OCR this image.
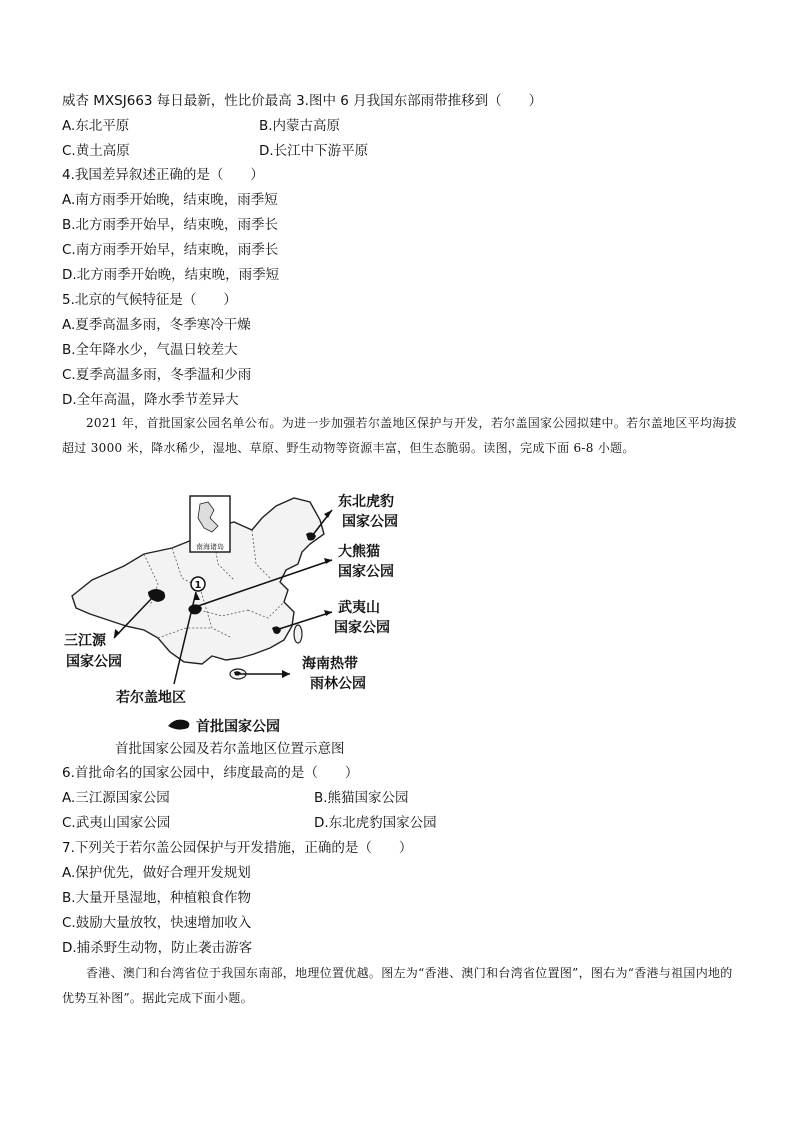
威杏 MXSJ663 每日最新，性比价最高 3.图中 6 月我国东部雨带推移到（　　）
A.东北平原	B.内蒙古高原
C.黄土高原	D.长江中下游平原
4.我国差异叙述正确的是（　　）
A.南方雨季开始晚，结束晚，雨季短
B.北方雨季开始早，结束晚，雨季长
C.南方雨季开始早，结束晚，雨季长
D.北方雨季开始晚，结束晚，雨季短
5.北京的气候特征是（　　）
A.夏季高温多雨，冬季寒冷干燥
B.全年降水少，气温日较差大
C.夏季高温多雨，冬季温和少雨
D.全年高温，降水季节差异大
2021 年，首批国家公园名单公布。为进一步加强若尔盖地区保护与开发，若尔盖国家公园拟建中。若尔盖地区平均海拔超过 3000 米，降水稀少，湿地、草原、野生动物等资源丰富，但生态脆弱。读图，完成下面 6-8 小题。
南海诸岛
1
东北虎豹
国家公园
大熊猫
国家公园
武夷山
国家公园
三江源
国家公园	海南热带
雨林公园
若尔盖地区
首批国家公园
首批国家公园及若尔盖地区位置示意图
6.首批命名的国家公园中，纬度最高的是（　　）
A.三江源国家公园	B.熊猫国家公园
C.武夷山国家公园	D.东北虎豹国家公园
7.下列关于若尔盖公园保护与开发措施，正确的是（　　）
A.保护优先，做好合理开发规划
B.大量开垦湿地，种植粮食作物
C.鼓励大量放牧，快速增加收入
D.捕杀野生动物，防止袭击游客
香港、澳门和台湾省位于我国东南部，地理位置优越。图左为“香港、澳门和台湾省位置图”，图右为“香港与祖国内地的优势互补图”。据此完成下面小题。
